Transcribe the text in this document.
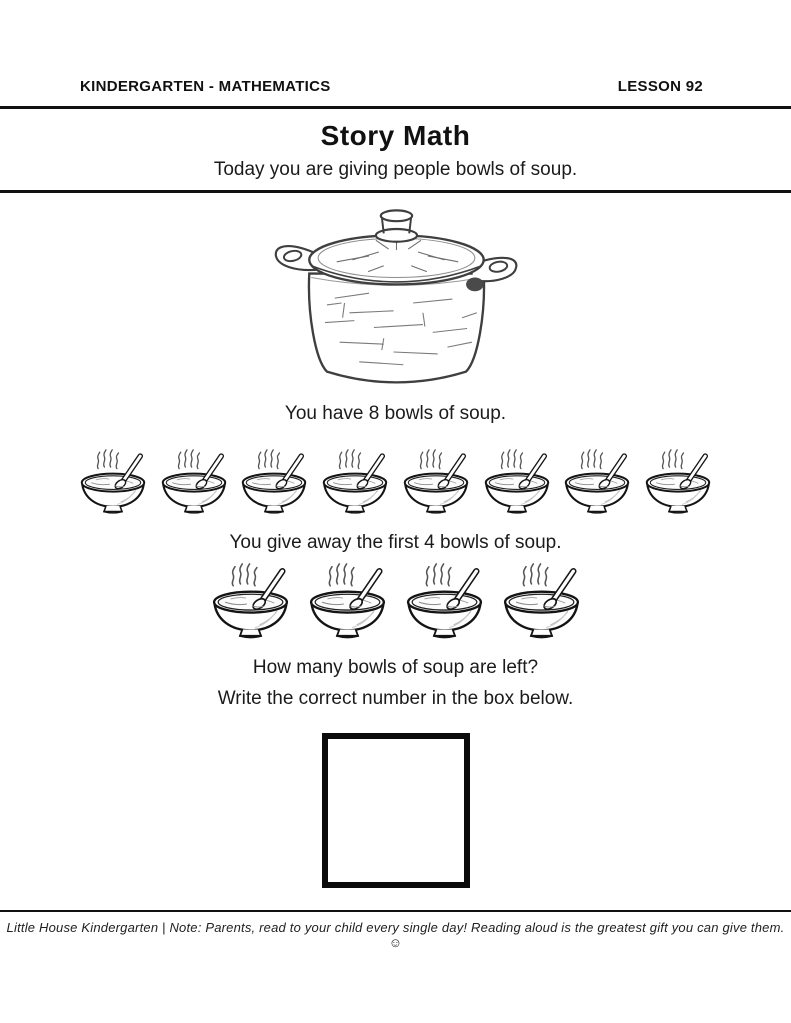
KINDERGARTEN - MATHEMATICS	LESSON 92
Story Math
Today you are giving people bowls of soup.
You have 8 bowls of soup.
You give away the first 4 bowls of soup.
How many bowls of soup are left?
Write the correct number in the box below.
Little House Kindergarten | Note: Parents, read to your child every single day! Reading aloud is the greatest gift you can give them. ☺
